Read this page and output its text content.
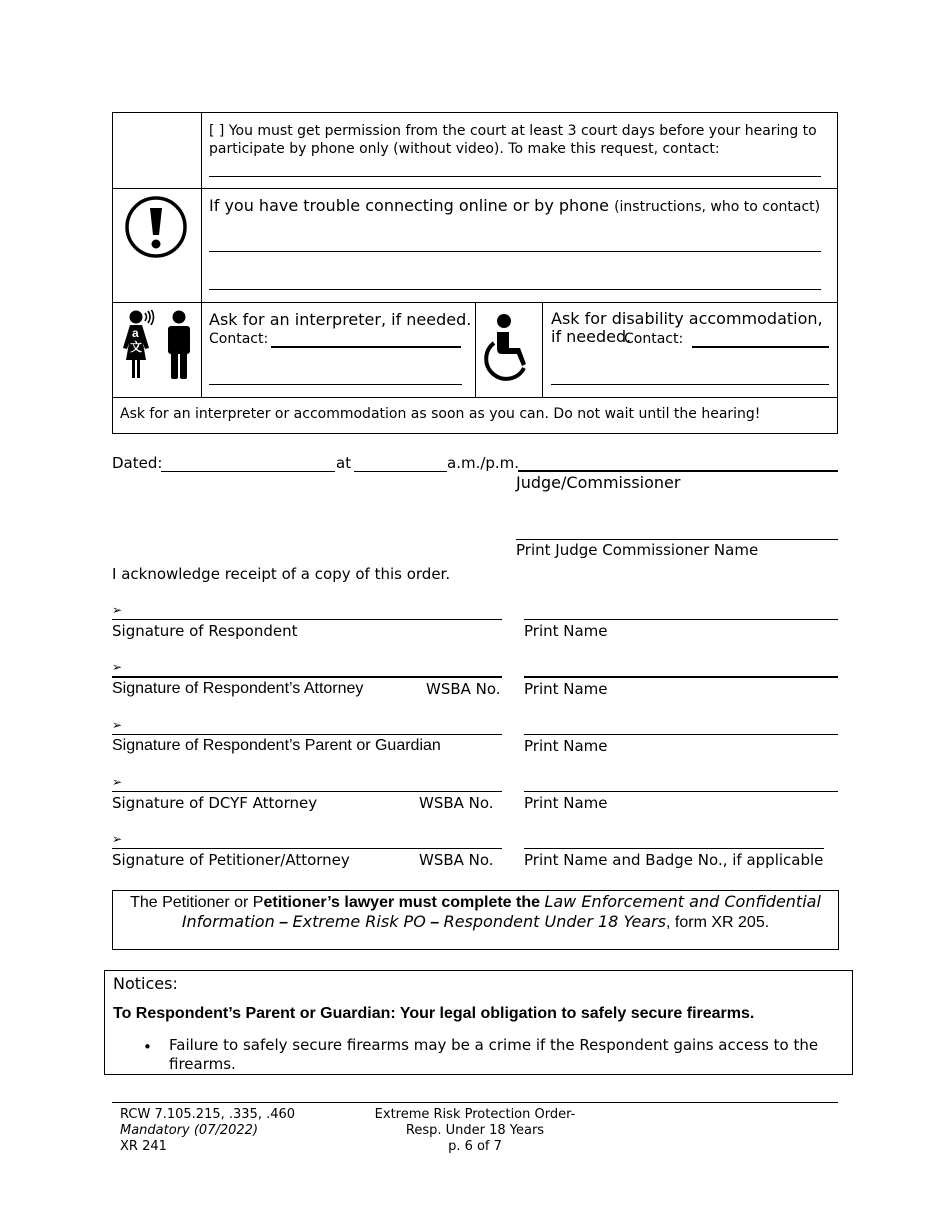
[ ] You must get permission from the court at least 3 court days before your hearing to participate by phone only (without video). To make this request, contact:
If you have trouble connecting online or by phone (instructions, who to contact)
a
文
Ask for an interpreter, if needed.
Contact:
Ask for disability accommodation, if needed.
Contact:
Ask for an interpreter or accommodation as soon as you can. Do not wait until the hearing!
Dated:	at	a.m./p.m.
Judge/Commissioner
Print Judge Commissioner Name
I acknowledge receipt of a copy of this order.
➢
Signature of Respondent	Print Name
➢
Signature of Respondent’s Attorney	WSBA No. Print Name
➢
Signature of Respondent’s Parent or Guardian	Print Name
➢
Signature of DCYF Attorney	WSBA No. Print Name
➢
Signature of Petitioner/Attorney	WSBA No. Print Name and Badge No., if applicable
The Petitioner or Petitioner’s lawyer must complete the Law Enforcement and Confidential Information – Extreme Risk PO – Respondent Under 18 Years, form XR 205.
Notices:
To Respondent’s Parent or Guardian: Your legal obligation to safely secure firearms.
• Failure to safely secure firearms may be a crime if the Respondent gains access to the firearms.
RCW 7.105.215, .335, .460
Mandatory (07/2022)
XR 241
Extreme Risk Protection Order-
Resp. Under 18 Years
p. 6 of 7
